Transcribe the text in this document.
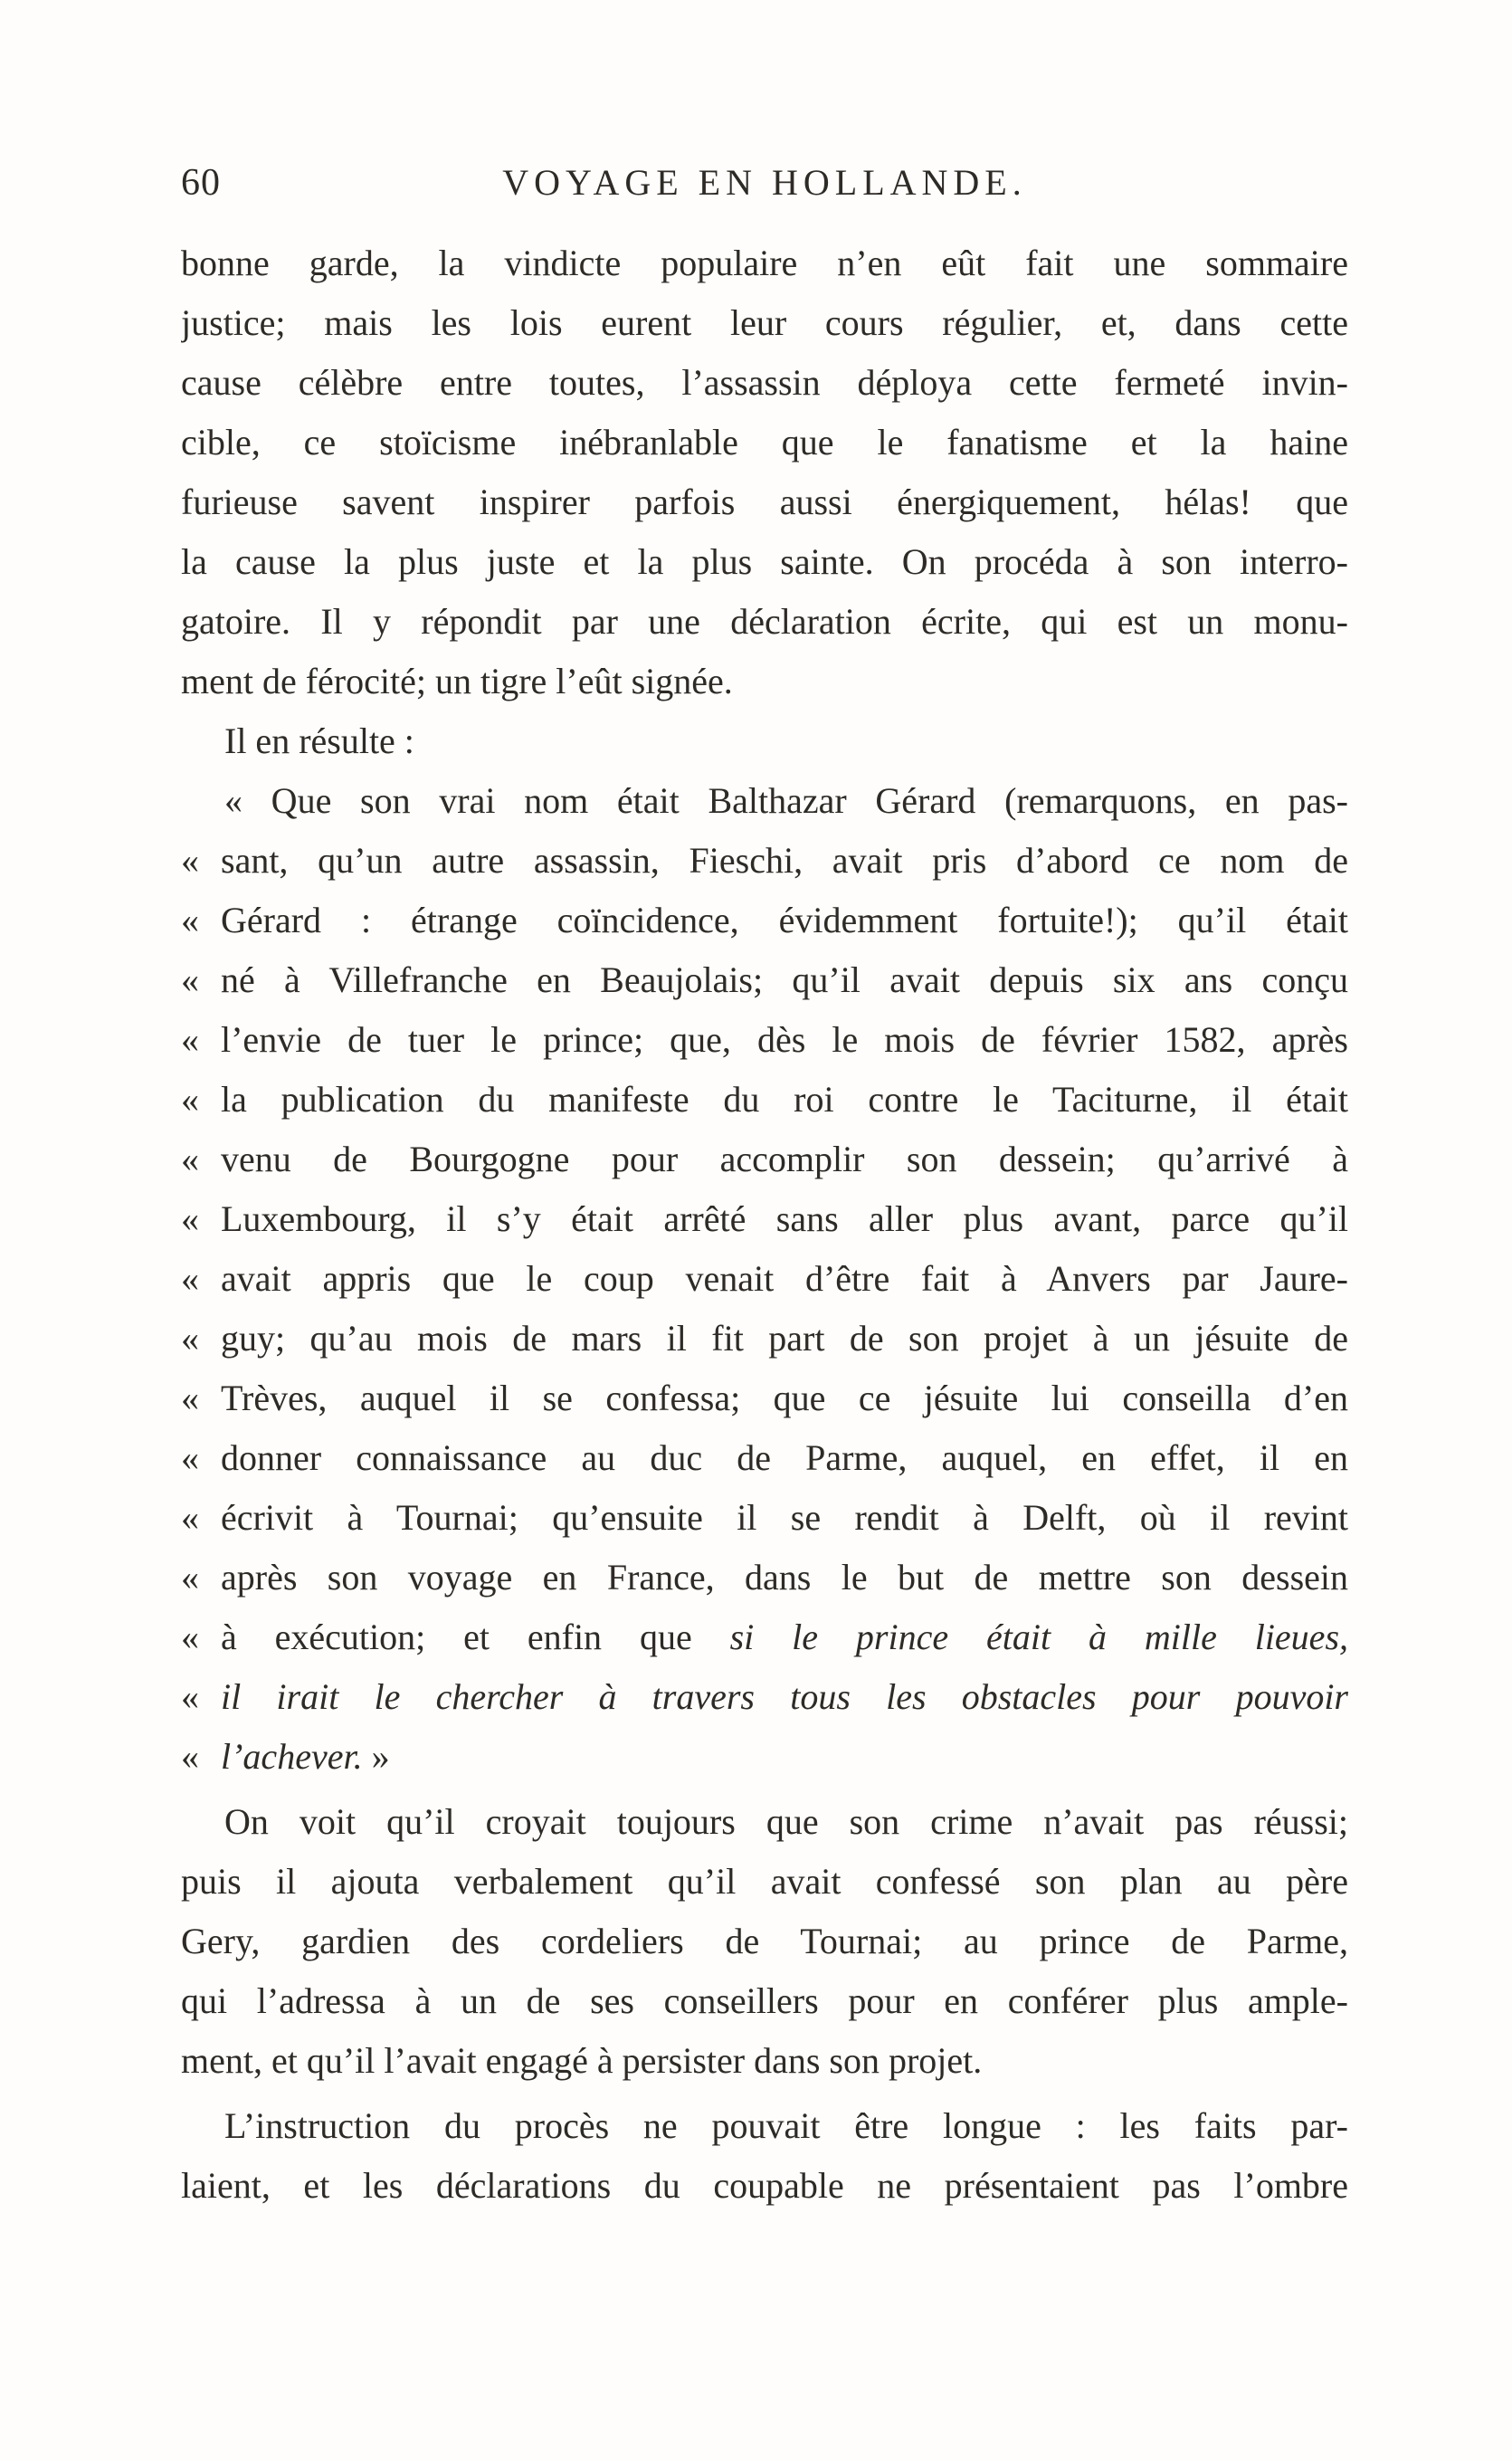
60	VOYAGE EN HOLLANDE.
bonne garde, la vindicte populaire n’en eût fait une sommaire
justice; mais les lois eurent leur cours régulier, et, dans cette
cause célèbre entre toutes, l’assassin déploya cette fermeté invin-
cible, ce stoïcisme inébranlable que le fanatisme et la haine
furieuse savent inspirer parfois aussi énergiquement, hélas! que
la cause la plus juste et la plus sainte. On procéda à son interro-
gatoire. Il y répondit par une déclaration écrite, qui est un monu-
ment de férocité; un tigre l’eût signée.
Il en résulte :
« Que son vrai nom était Balthazar Gérard (remarquons, en pas-
« sant, qu’un autre assassin, Fieschi, avait pris d’abord ce nom de
« Gérard : étrange coïncidence, évidemment fortuite!); qu’il était
« né à Villefranche en Beaujolais; qu’il avait depuis six ans conçu
« l’envie de tuer le prince; que, dès le mois de février 1582, après
« la publication du manifeste du roi contre le Taciturne, il était
« venu de Bourgogne pour accomplir son dessein; qu’arrivé à
« Luxembourg, il s’y était arrêté sans aller plus avant, parce qu’il
« avait appris que le coup venait d’être fait à Anvers par Jaure-
« guy; qu’au mois de mars il fit part de son projet à un jésuite de
« Trèves, auquel il se confessa; que ce jésuite lui conseilla d’en
« donner connaissance au duc de Parme, auquel, en effet, il en
« écrivit à Tournai; qu’ensuite il se rendit à Delft, où il revint
« après son voyage en France, dans le but de mettre son dessein
« à exécution; et enfin que si le prince était à mille lieues,
« il irait le chercher à travers tous les obstacles pour pouvoir
« l’achever. »
On voit qu’il croyait toujours que son crime n’avait pas réussi;
puis il ajouta verbalement qu’il avait confessé son plan au père
Gery, gardien des cordeliers de Tournai; au prince de Parme,
qui l’adressa à un de ses conseillers pour en conférer plus ample-
ment, et qu’il l’avait engagé à persister dans son projet.
L’instruction du procès ne pouvait être longue : les faits par-
laient, et les déclarations du coupable ne présentaient pas l’ombre
